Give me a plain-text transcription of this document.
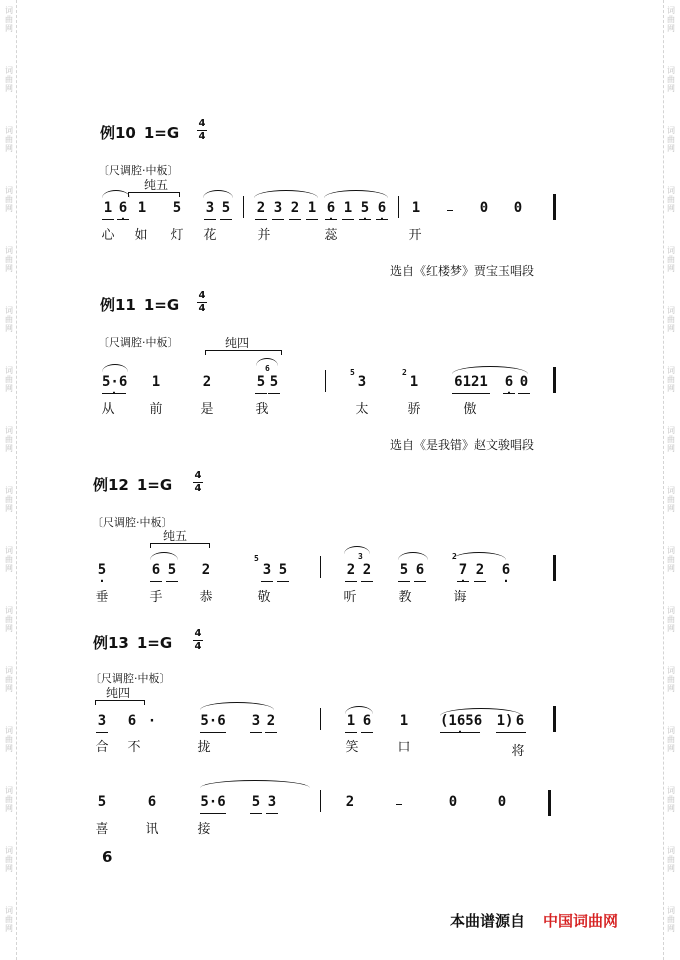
词
曲
网
词
曲
网
词
曲
网
词
曲
网
词
曲
网
词
曲
网
词
曲
网
词
曲
网
词
曲
网
词
曲
网
词
曲
网
词
曲
网
词
曲
网
词
曲
网
词
曲
网
词
曲
网
词
曲
网
词
曲
网
词
曲
网
词
曲
网
词
曲
网
词
曲
网
词
曲
网
词
曲
网
词
曲
网
词
曲
网
词
曲
网
词
曲
网
词
曲
网
词
曲
网
词
曲
网
词
曲
网
例10 1=G
4
4
〔尺调腔·中板〕
纯五
1 · 6 1 5 3 5 2 3 2 1 · 6 1 · 5 · 6 1	0 0
心 如 灯 花	并	蕊	开
选自《红楼梦》贾宝玉唱段
例11 1=G
4
4
〔尺调腔·中板〕	纯四
· 5·6 1	2
6
5 5
5
3
2
1	6121 · 6 0
从	前	是	我	太	骄	傲
选自《是我错》赵文骏唱段
例12 1=G
4
4
〔尺调腔·中板〕
纯五
· 5	6 5 2
5
3 5
3
2 2 5 6
2
· 7 2 · 6
垂	手	恭	敬	听	教	诲
例13 1=G
4
4
〔尺调腔·中板〕
纯四
3 6 ·	5·6 3 2	1 6 1 · (1656 1) 6
合 不	拢	笑	口	将
5	6	5·6 5 3	2	0	0
喜	讯	接
6
本曲谱源自 中国词曲网
